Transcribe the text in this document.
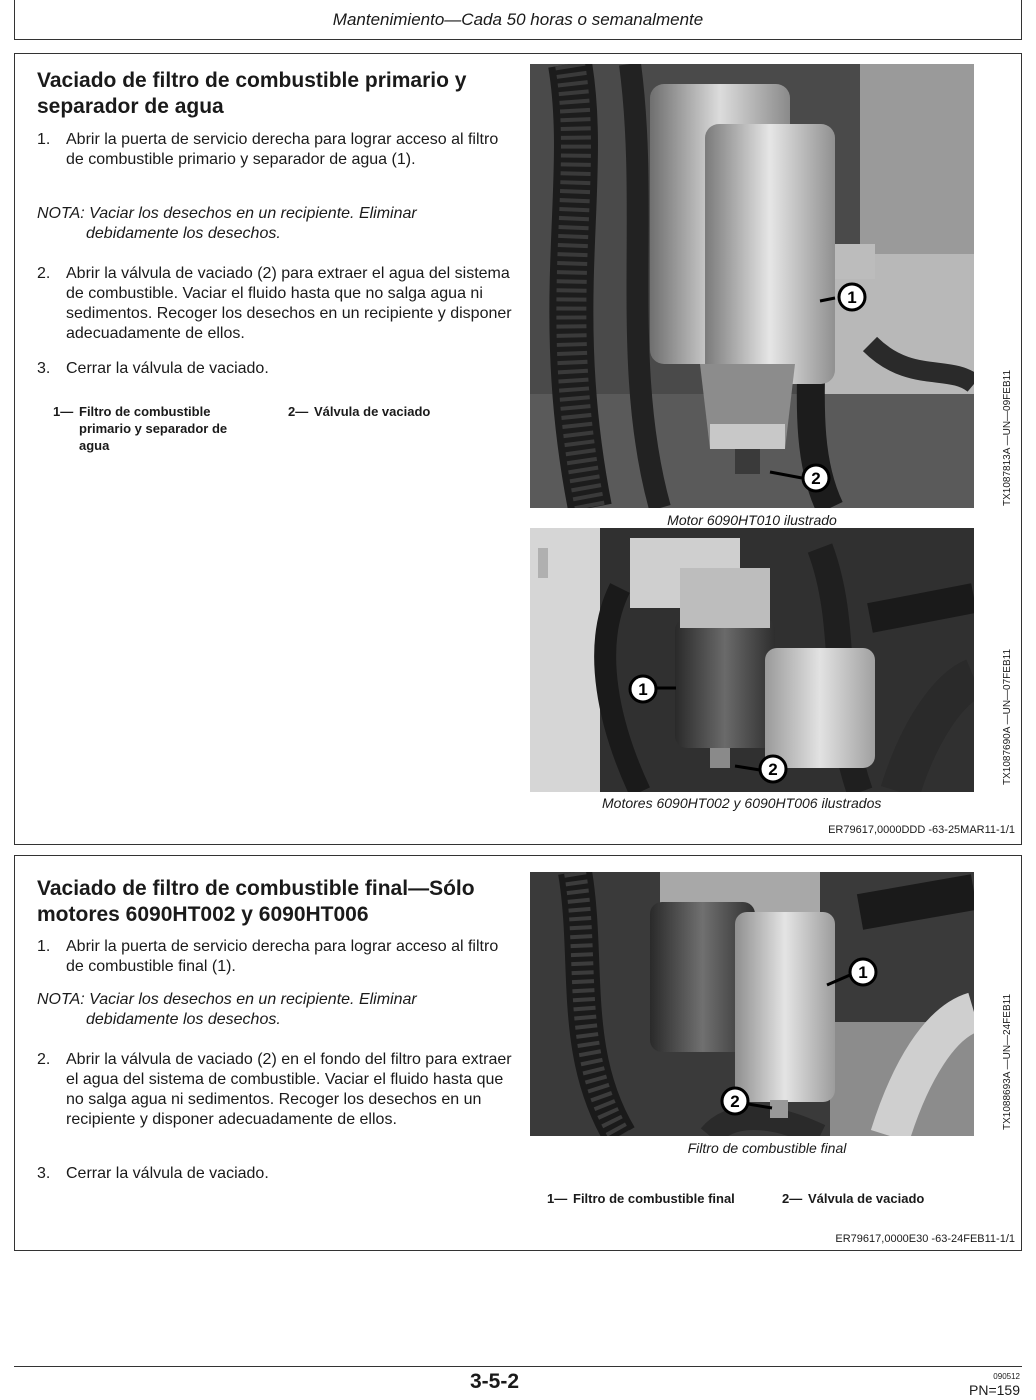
Mantenimiento—Cada 50 horas o semanalmente
Vaciado de filtro de combustible primario y separador de agua

1. Abrir la puerta de servicio derecha para lograr acceso al filtro de combustible primario y separador de agua (1).

NOTA: Vaciar los desechos en un recipiente. Eliminar
debidamente los desechos.

2. Abrir la válvula de vaciado (2) para extraer el agua del sistema de combustible. Vaciar el fluido hasta que no salga agua ni sedimentos. Recoger los desechos en un recipiente y disponer adecuadamente de ellos.

3. Cerrar la válvula de vaciado.

1— Filtro de combustible primario y separador de agua
2— Válvula de vaciado
1
2	TX1087813A —UN—09FEB11
Motor 6090HT010 ilustrado
1
2	TX1087690A —UN—07FEB11
Motores 6090HT002 y 6090HT006 ilustrados
ER79617,0000DDD -63-25MAR11-1/1
Vaciado de filtro de combustible final—Sólo motores 6090HT002 y 6090HT006

1. Abrir la puerta de servicio derecha para lograr acceso al filtro de combustible final (1).

NOTA: Vaciar los desechos en un recipiente. Eliminar
debidamente los desechos.

2. Abrir la válvula de vaciado (2) en el fondo del filtro para extraer el agua del sistema de combustible. Vaciar el fluido hasta que no salga agua ni sedimentos. Recoger los desechos en un recipiente y disponer adecuadamente de ellos.

3. Cerrar la válvula de vaciado.

1
2	TX1088693A —UN—24FEB11
Filtro de combustible final
1— Filtro de combustible final	2— Válvula de vaciado
ER79617,0000E30 -63-24FEB11-1/1
3-5-2	090512
PN=159
